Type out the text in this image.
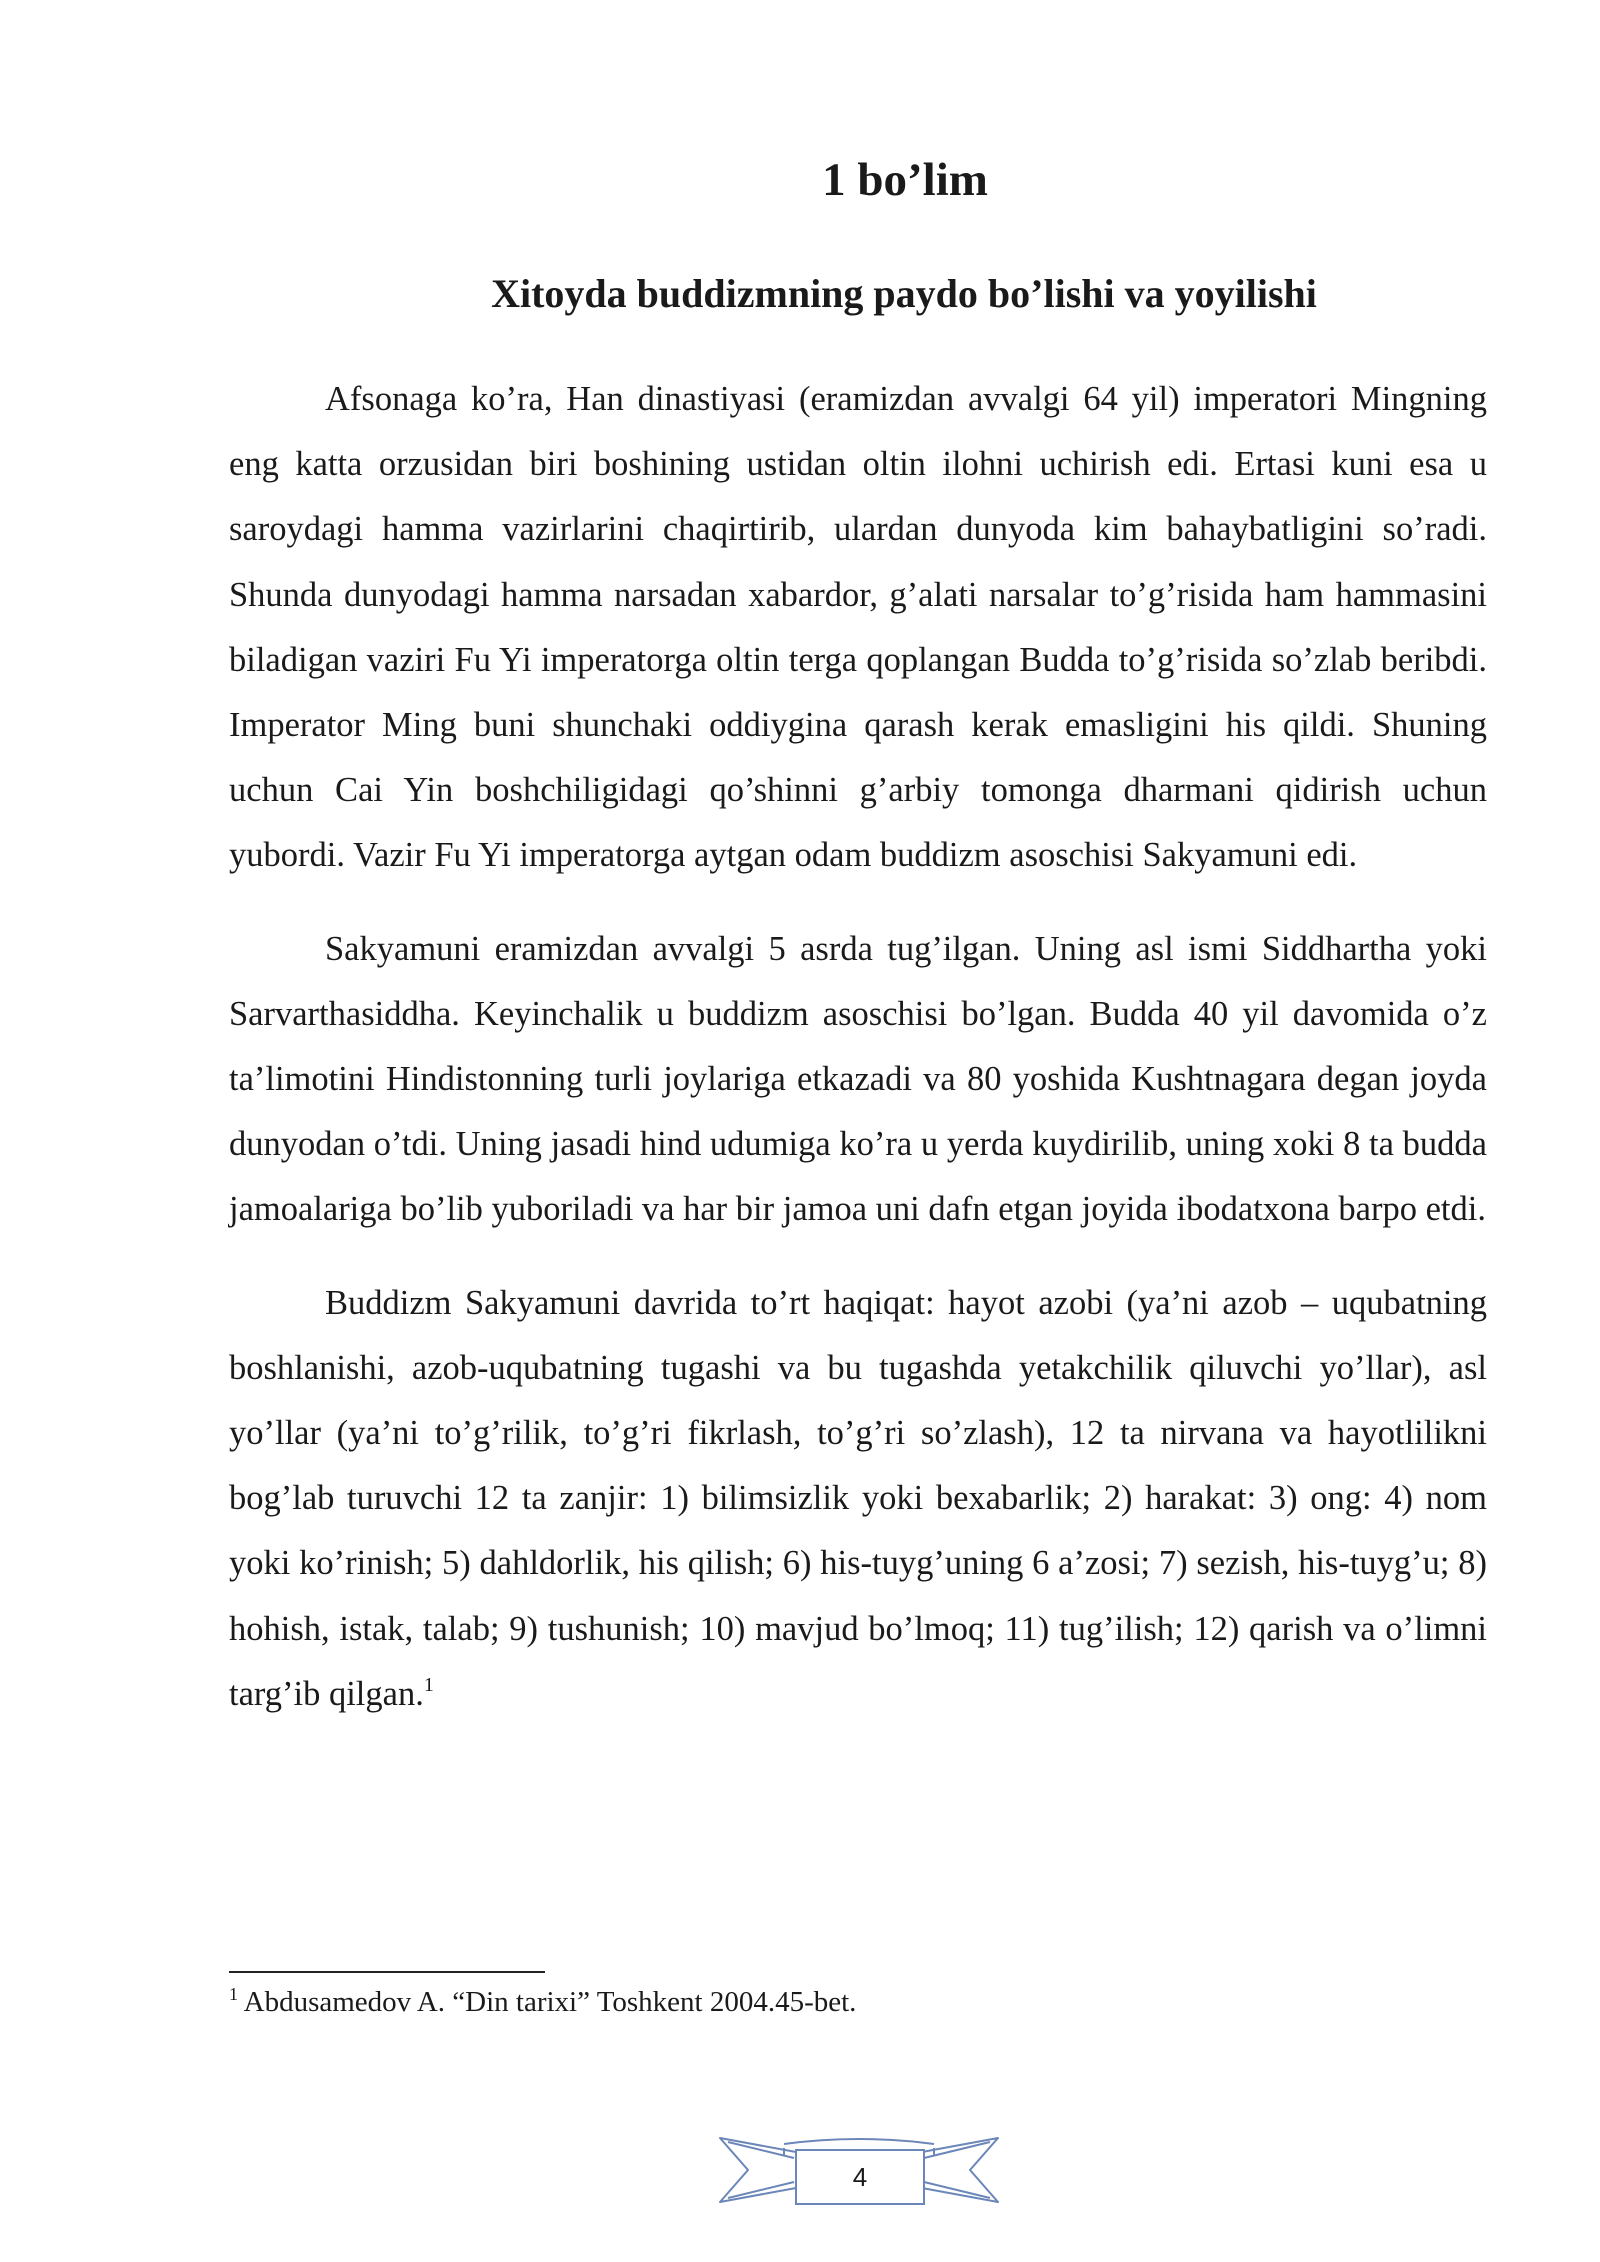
1 bo’lim
Xitoyda buddizmning paydo bo’lishi va yoyilishi

Afsonaga ko’ra, Han dinastiyasi (eramizdan avvalgi 64 yil) imperatori Mingning eng katta orzusidan biri boshining ustidan oltin ilohni uchirish edi. Ertasi kuni esa u saroydagi hamma vazirlarini chaqirtirib, ulardan dunyoda kim bahaybatligini so’radi. Shunda dunyodagi hamma narsadan xabardor, g’alati narsalar to’g’risida ham hammasini biladigan vaziri Fu Yi imperatorga oltin terga qoplangan Budda to’g’risida so’zlab beribdi. Imperator Ming buni shunchaki oddiygina qarash kerak emasligini his qildi. Shuning uchun Cai Yin boshchiligidagi qo’shinni g’arbiy tomonga dharmani qidirish uchun yubordi. Vazir Fu Yi imperatorga aytgan odam buddizm asoschisi Sakyamuni edi.

Sakyamuni eramizdan avvalgi 5 asrda tug’ilgan. Uning asl ismi Siddhartha yoki Sarvarthasiddha. Keyinchalik u buddizm asoschisi bo’lgan. Budda 40 yil davomida o’z ta’limotini Hindistonning turli joylariga etkazadi va 80 yoshida Kushtnagara degan joyda dunyodan o’tdi. Uning jasadi hind udumiga ko’ra u yerda kuydirilib, uning xoki 8 ta budda jamoalariga bo’lib yuboriladi va har bir jamoa uni dafn etgan joyida ibodatxona barpo etdi.

Buddizm Sakyamuni davrida to’rt haqiqat: hayot azobi (ya’ni azob – uqubatning boshlanishi, azob-uqubatning tugashi va bu tugashda yetakchilik qiluvchi yo’llar), asl yo’llar (ya’ni to’g’rilik, to’g’ri fikrlash, to’g’ri so’zlash), 12 ta nirvana va hayotlilikni bog’lab turuvchi 12 ta zanjir: 1) bilimsizlik yoki bexabarlik; 2) harakat: 3) ong: 4) nom yoki ko’rinish; 5) dahldorlik, his qilish; 6) his-tuyg’uning 6 a’zosi; 7) sezish, his-tuyg’u; 8) hohish, istak, talab; 9) tushunish; 10) mavjud bo’lmoq; 11) tug’ilish; 12) qarish va o’limni targ’ib qilgan.$^1$

$^1$ Abdusamedov A. “Din tarixi” Toshkent 2004.45-bet.

4
